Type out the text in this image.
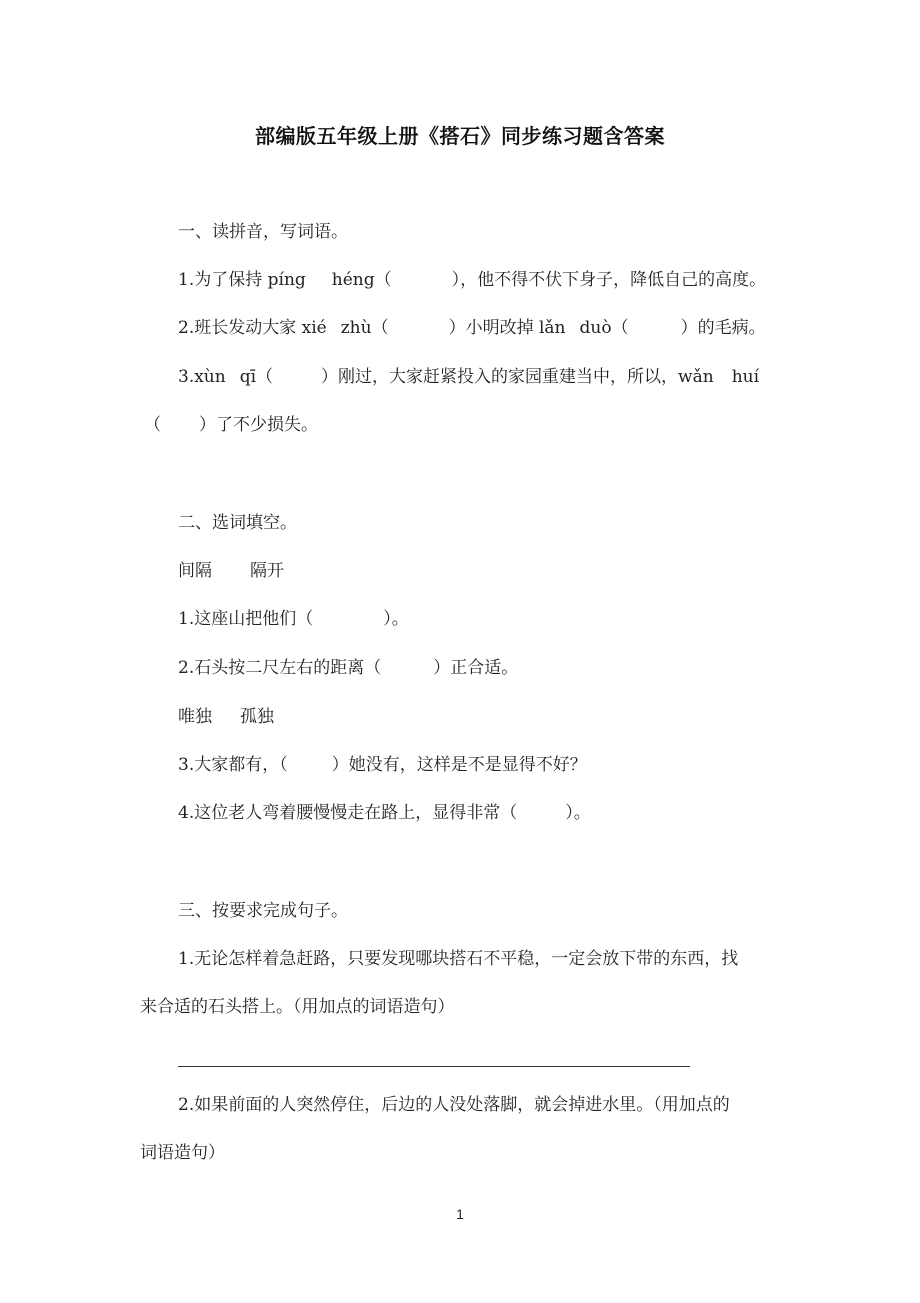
部编版五年级上册《搭石》同步练习题含答案
一、读拼音，写词语。
1.为了保持 píng héng（	），他不得不伏下身子，降低自己的高度。
2.班长发动大家 xié zhù（	）小明改掉 lǎn duò（	）的毛病。
3.xùn qī（	）刚过，大家赶紧投入的家园重建当中，所以，wǎn huí
（ ）了不少损失。
二、选词填空。
间隔 隔开
1.这座山把他们（	）。
2.石头按二尺左右的距离（	）正合适。
唯独 孤独
3.大家都有，（	）她没有，这样是不是显得不好？
4.这位老人弯着腰慢慢走在路上，显得非常（	）。
三、按要求完成句子。
1.无论怎样着急赶路，只要发现哪块搭石不平稳，一定会放下带的东西，找
来合适的石头搭上。（用加点的词语造句）
2.如果前面的人突然停住，后边的人没处落脚，就会掉进水里。（用加点的
词语造句）
1
